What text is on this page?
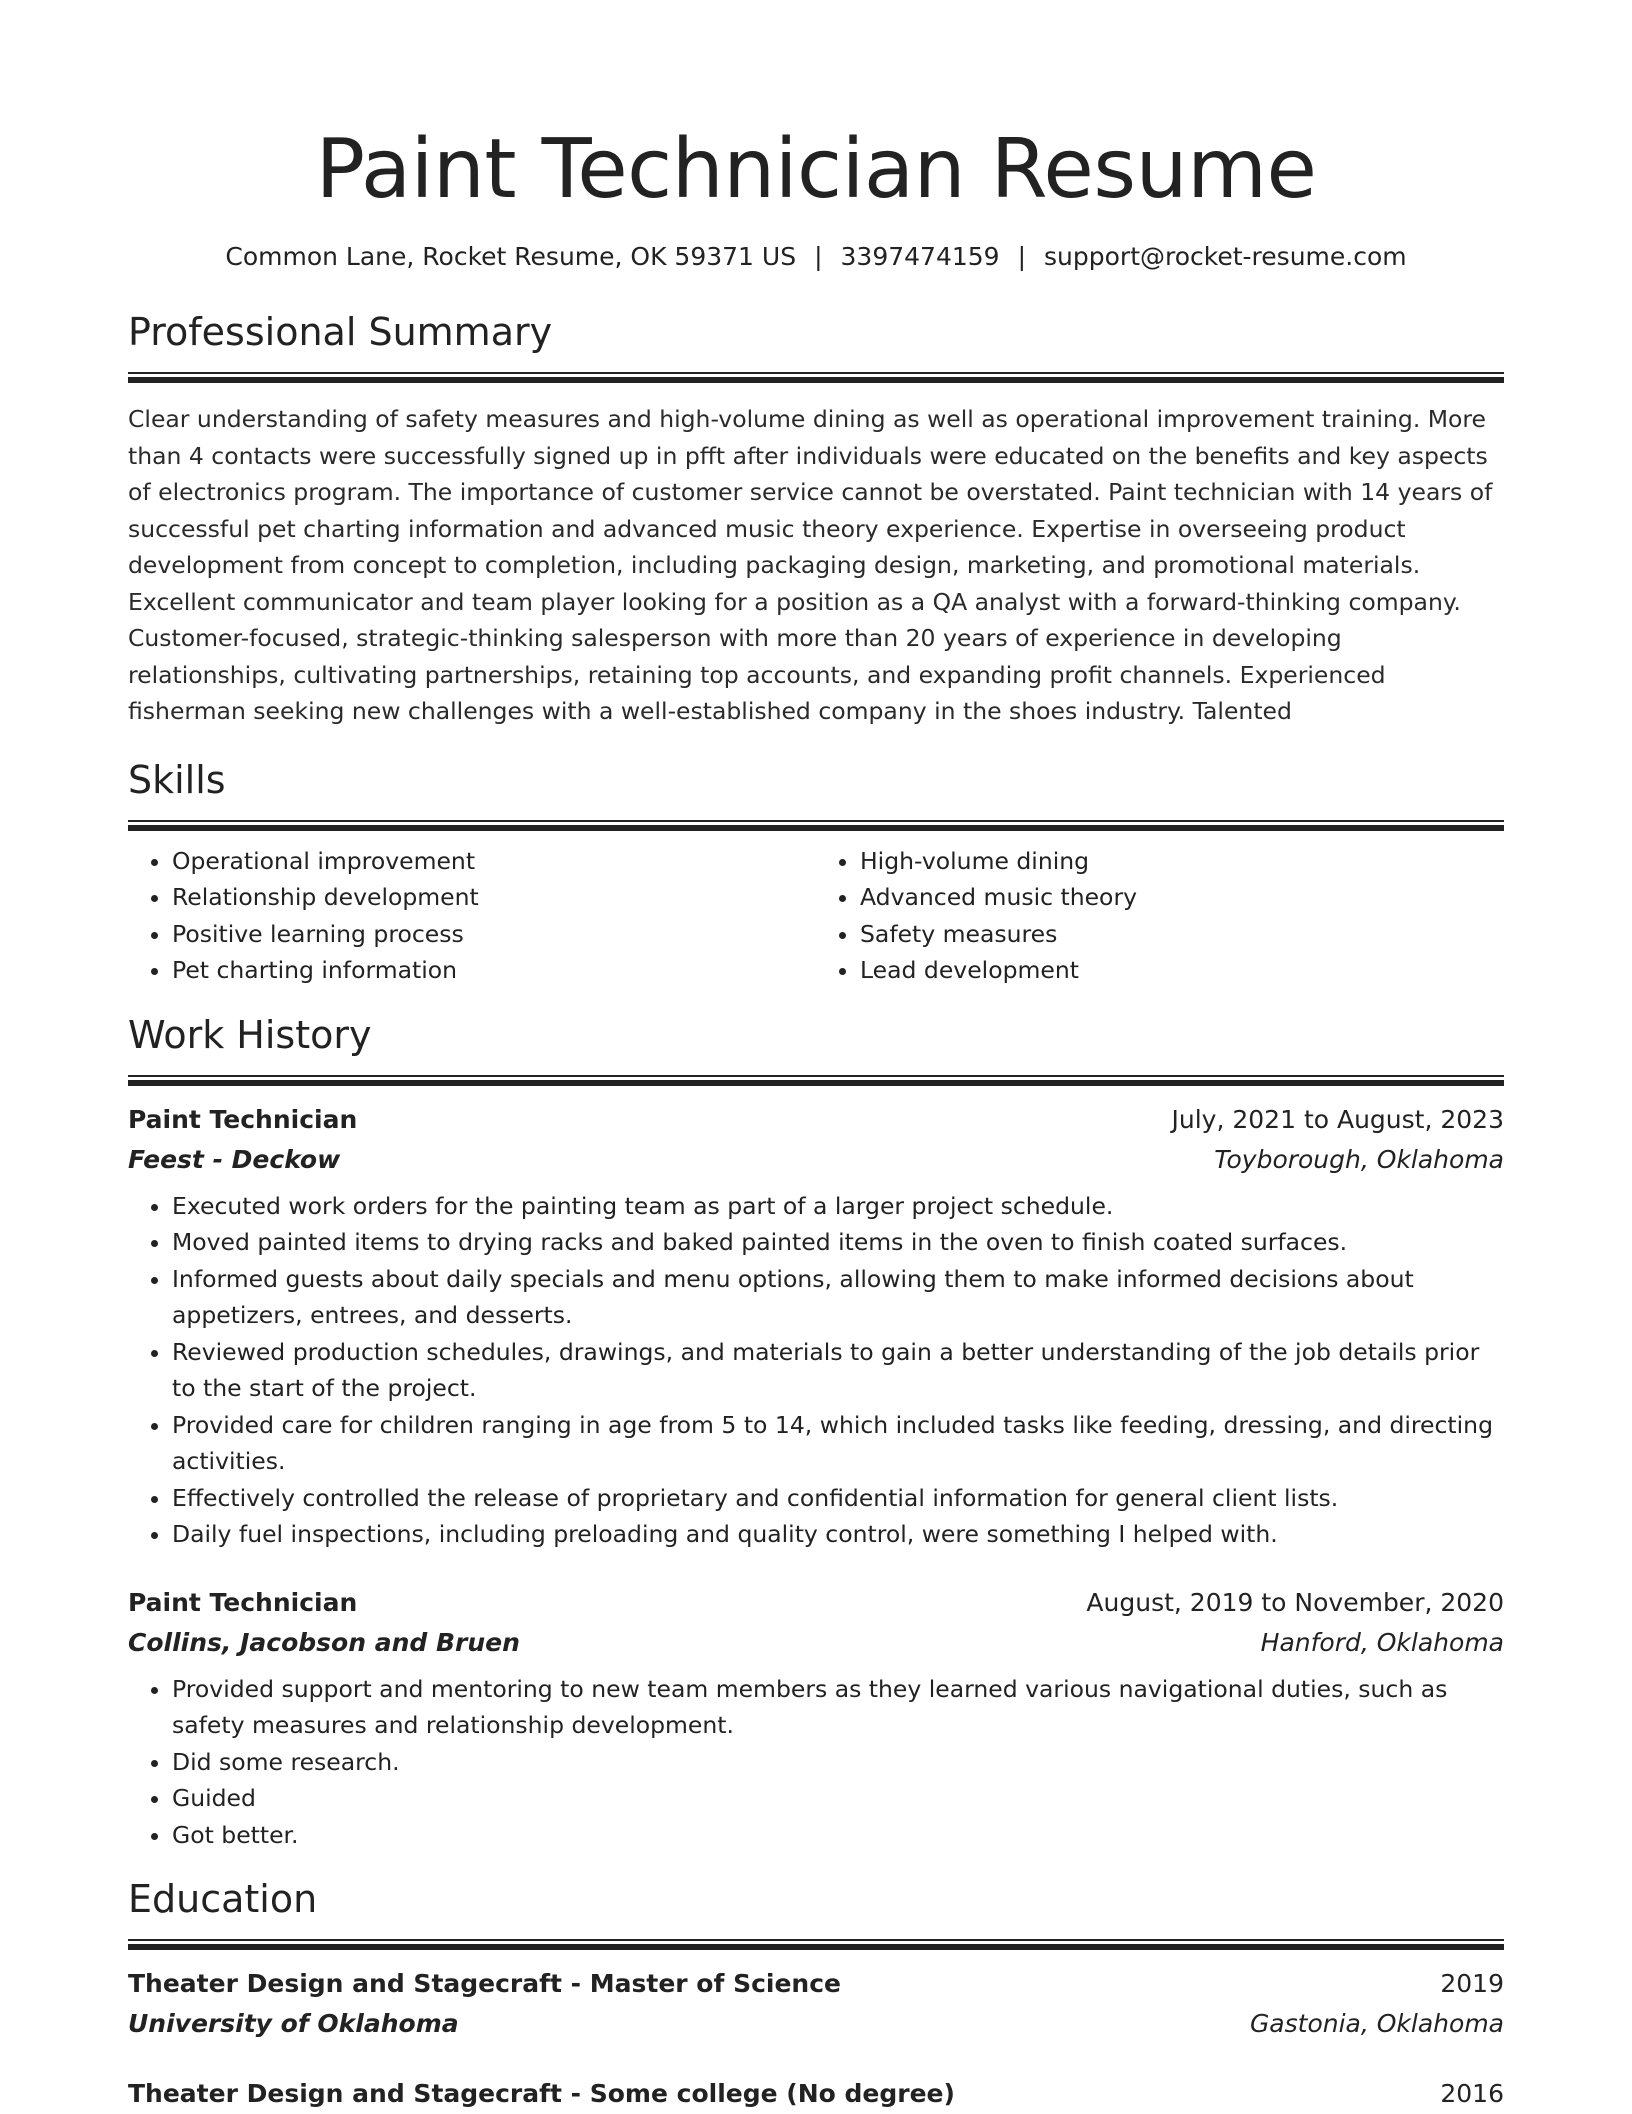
Paint Technician Resume
Common Lane, Rocket Resume, OK 59371 US | 3397474159 | support@rocket-resume.com
Professional Summary

Clear understanding of safety measures and high-volume dining as well as operational improvement training. More than 4 contacts were successfully signed up in pfft after individuals were educated on the benefits and key aspects of electronics program. The importance of customer service cannot be overstated. Paint technician with 14 years of successful pet charting information and advanced music theory experience. Expertise in overseeing product development from concept to completion, including packaging design, marketing, and promotional materials. Excellent communicator and team player looking for a position as a QA analyst with a forward-thinking company. Customer-focused, strategic-thinking salesperson with more than 20 years of experience in developing relationships, cultivating partnerships, retaining top accounts, and expanding profit channels. Experienced fisherman seeking new challenges with a well-established company in the shoes industry. Talented

Skills
• Operational improvement
• Relationship development
• Positive learning process
• Pet charting information
• High-volume dining
• Advanced music theory
• Safety measures
• Lead development
Work History
Paint Technician	July, 2021 to August, 2023
Feest - Deckow	Toyborough, Oklahoma
• Executed work orders for the painting team as part of a larger project schedule.
• Moved painted items to drying racks and baked painted items in the oven to finish coated surfaces.
• Informed guests about daily specials and menu options, allowing them to make informed decisions about appetizers, entrees, and desserts.
• Reviewed production schedules, drawings, and materials to gain a better understanding of the job details prior to the start of the project.
• Provided care for children ranging in age from 5 to 14, which included tasks like feeding, dressing, and directing activities.
• Effectively controlled the release of proprietary and confidential information for general client lists.
• Daily fuel inspections, including preloading and quality control, were something I helped with.
Paint Technician	August, 2019 to November, 2020
Collins, Jacobson and Bruen	Hanford, Oklahoma
• Provided support and mentoring to new team members as they learned various navigational duties, such as safety measures and relationship development.
• Did some research.
• Guided
• Got better.
Education
Theater Design and Stagecraft - Master of Science	2019
University of Oklahoma	Gastonia, Oklahoma
Theater Design and Stagecraft - Some college (No degree)	2016
